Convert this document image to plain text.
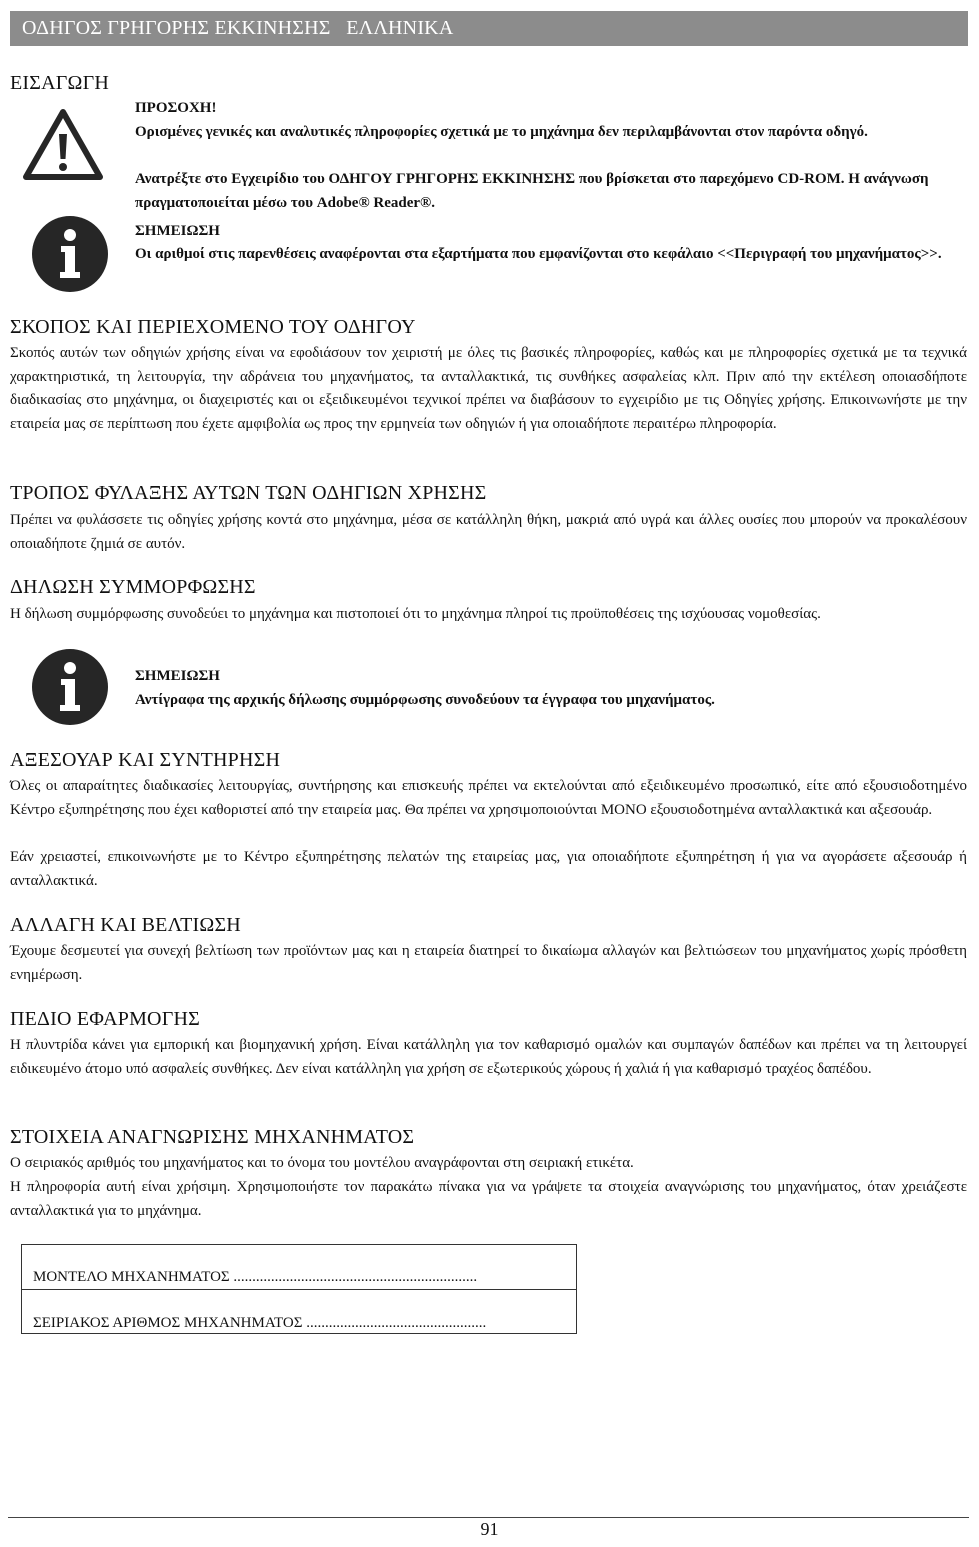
ΟΔΗΓΟΣ ΓΡΗΓΟΡΗΣ ΕΚΚΙΝΗΣΗΣ   ΕΛΛΗΝΙΚΑ
ΕΙΣΑΓΩΓΗ

ΠΡΟΣΟΧΗ!

Ορισμένες γενικές και αναλυτικές πληροφορίες σχετικά με το μηχάνημα δεν περιλαμβάνονται στον παρόντα οδηγό.

Ανατρέξτε στο Εγχειρίδιο του ΟΔΗΓΟΥ ΓΡΗΓΟΡΗΣ ΕΚΚΙΝΗΣΗΣ που βρίσκεται στο παρεχόμενο CD-ROM. Η ανάγνωση πραγματοποιείται μέσω του Adobe® Reader®.

ΣΗΜΕΙΩΣΗ

Οι αριθμοί στις παρενθέσεις αναφέρονται στα εξαρτήματα που εμφανίζονται στο κεφάλαιο <<Περιγραφή του μηχανήματος>>.

ΣΚΟΠΟΣ ΚΑΙ ΠΕΡΙΕΧΟΜΕΝΟ ΤΟΥ ΟΔΗΓΟΥ

Σκοπός αυτών των οδηγιών χρήσης είναι να εφοδιάσουν τον χειριστή με όλες τις βασικές πληροφορίες, καθώς και με πληροφορίες σχετικά με τα τεχνικά χαρακτηριστικά, τη λειτουργία, την αδράνεια του μηχανήματος, τα ανταλλακτικά, τις συνθήκες ασφαλείας κλπ. Πριν από την εκτέλεση οποιασδήποτε διαδικασίας στο μηχάνημα, οι διαχειριστές και οι εξειδικευμένοι τεχνικοί πρέπει να διαβάσουν το εγχειρίδιο με τις Οδηγίες χρήσης. Επικοινωνήστε με την εταιρεία μας σε περίπτωση που έχετε αμφιβολία ως προς την ερμηνεία των οδηγιών ή για οποιαδήποτε περαιτέρω πληροφορία.

ΤΡΟΠΟΣ ΦΥΛΑΞΗΣ ΑΥΤΩΝ ΤΩΝ ΟΔΗΓΙΩΝ ΧΡΗΣΗΣ

Πρέπει να φυλάσσετε τις οδηγίες χρήσης κοντά στο μηχάνημα, μέσα σε κατάλληλη θήκη, μακριά από υγρά και άλλες ουσίες που μπορούν να προκαλέσουν οποιαδήποτε ζημιά σε αυτόν.

ΔΗΛΩΣΗ ΣΥΜΜΟΡΦΩΣΗΣ

Η δήλωση συμμόρφωσης συνοδεύει το μηχάνημα και πιστοποιεί ότι το μηχάνημα πληροί τις προϋποθέσεις της ισχύουσας νομοθεσίας.

ΣΗΜΕΙΩΣΗ

Αντίγραφα της αρχικής δήλωσης συμμόρφωσης συνοδεύουν τα έγγραφα του μηχανήματος.

ΑΞΕΣΟΥΑΡ ΚΑΙ ΣΥΝΤΗΡΗΣΗ

Όλες οι απαραίτητες διαδικασίες λειτουργίας, συντήρησης και επισκευής πρέπει να εκτελούνται από εξειδικευμένο προσωπικό, είτε από εξουσιοδοτημένο Κέντρο εξυπηρέτησης που έχει καθοριστεί από την εταιρεία μας. Θα πρέπει να χρησιμοποιούνται ΜΟΝΟ εξουσιοδοτημένα ανταλλακτικά και αξεσουάρ.

Εάν χρειαστεί, επικοινωνήστε με το Κέντρο εξυπηρέτησης πελατών της εταιρείας μας, για οποιαδήποτε εξυπηρέτηση ή για να αγοράσετε αξεσουάρ ή ανταλλακτικά.

ΑΛΛΑΓΗ ΚΑΙ ΒΕΛΤΙΩΣΗ

Έχουμε δεσμευτεί για συνεχή βελτίωση των προϊόντων μας και η εταιρεία διατηρεί το δικαίωμα αλλαγών και βελτιώσεων του μηχανήματος χωρίς πρόσθετη ενημέρωση.

ΠΕΔΙΟ ΕΦΑΡΜΟΓΗΣ

Η πλυντρίδα κάνει για εμπορική και βιομηχανική χρήση. Είναι κατάλληλη για τον καθαρισμό ομαλών και συμπαγών δαπέδων και πρέπει να τη λειτουργεί ειδικευμένο άτομο υπό ασφαλείς συνθήκες. Δεν είναι κατάλληλη για χρήση σε εξωτερικούς χώρους ή χαλιά ή για καθαρισμό τραχέος δαπέδου.

ΣΤΟΙΧΕΙΑ ΑΝΑΓΝΩΡΙΣΗΣ ΜΗΧΑΝΗΜΑΤΟΣ

Ο σειριακός αριθμός του μηχανήματος και το όνομα του μοντέλου αναγράφονται στη σειριακή ετικέτα.

Η πληροφορία αυτή είναι χρήσιμη. Χρησιμοποιήστε τον παρακάτω πίνακα για να γράψετε τα στοιχεία αναγνώρισης του μηχανήματος, όταν χρειάζεστε ανταλλακτικά για το μηχάνημα.

ΜΟΝΤΕΛΟ ΜΗΧΑΝΗΜΑΤΟΣ .................................................................
ΣΕΙΡΙΑΚΟΣ ΑΡΙΘΜΟΣ ΜΗΧΑΝΗΜΑΤΟΣ ................................................
91
